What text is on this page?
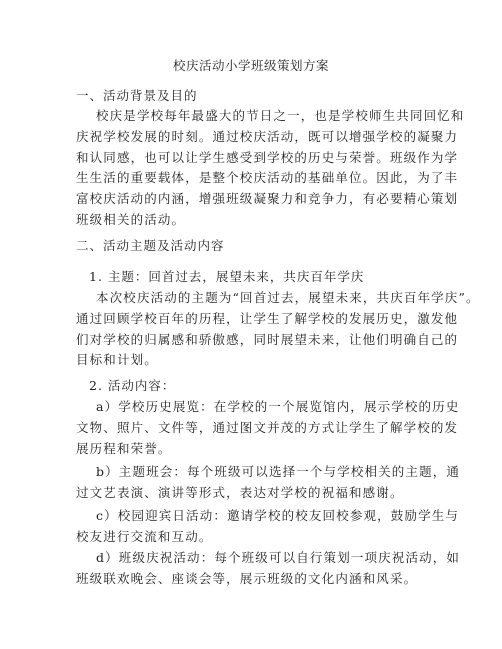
校庆活动小学班级策划方案
一、活动背景及目的
校庆是学校每年最盛大的节日之一，也是学校师生共同回忆和
庆祝学校发展的时刻。通过校庆活动，既可以增强学校的凝聚力
和认同感，也可以让学生感受到学校的历史与荣誉。班级作为学
生生活的重要载体，是整个校庆活动的基础单位。因此，为了丰
富校庆活动的内涵，增强班级凝聚力和竞争力，有必要精心策划
班级相关的活动。
二、活动主题及活动内容
1. 主题：回首过去，展望未来，共庆百年学庆
本次校庆活动的主题为“回首过去，展望未来，共庆百年学庆”。
通过回顾学校百年的历程，让学生了解学校的发展历史，激发他
们对学校的归属感和骄傲感，同时展望未来，让他们明确自己的
目标和计划。
2. 活动内容：
a）学校历史展览：在学校的一个展览馆内，展示学校的历史
文物、照片、文件等，通过图文并茂的方式让学生了解学校的发
展历程和荣誉。
b）主题班会：每个班级可以选择一个与学校相关的主题，通
过文艺表演、演讲等形式，表达对学校的祝福和感谢。
c）校园迎宾日活动：邀请学校的校友回校参观，鼓励学生与
校友进行交流和互动。
d）班级庆祝活动：每个班级可以自行策划一项庆祝活动，如
班级联欢晚会、座谈会等，展示班级的文化内涵和风采。
